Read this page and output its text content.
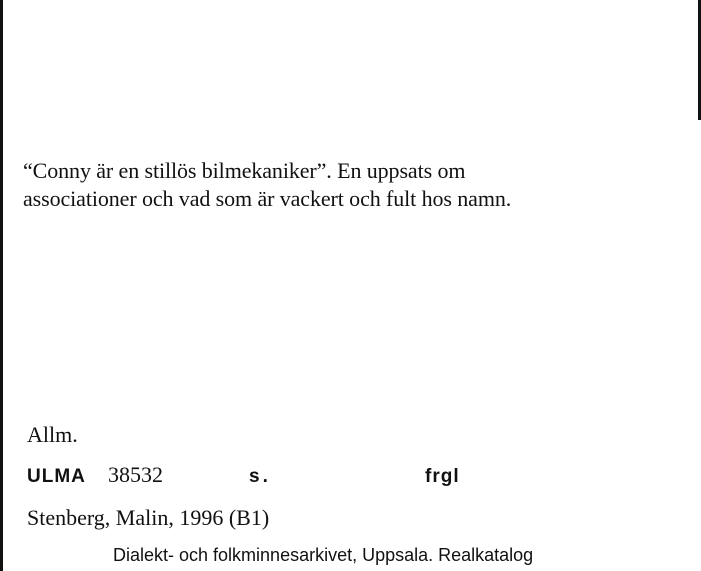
“Conny är en stillös bilmekaniker”. En uppsats om
associationer och vad som är vackert och fult hos namn.
Allm.
ULMA 38532	s.	frgl
Stenberg, Malin, 1996 (B1)
Dialekt- och folkminnesarkivet, Uppsala. Realkatalog
